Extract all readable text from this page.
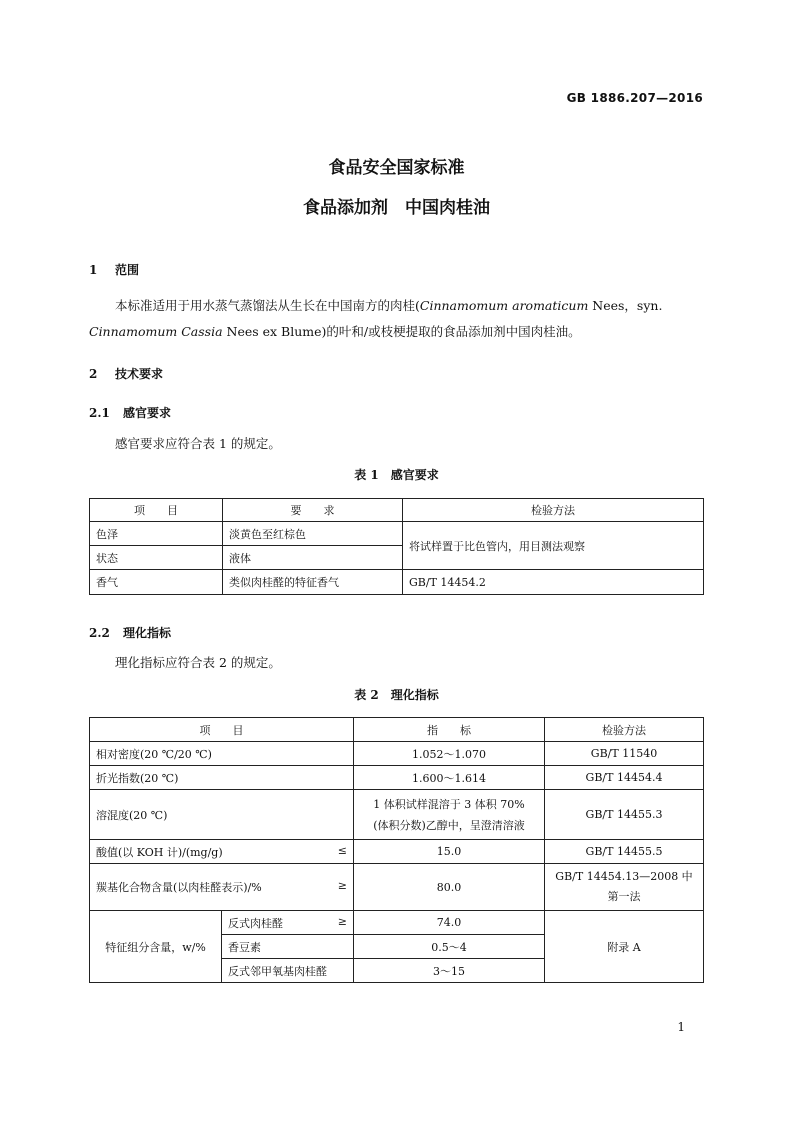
GB 1886.207—2016
食品安全国家标准
食品添加剂　中国肉桂油
1 范围
本标准适用于用水蒸气蒸馏法从生长在中国南方的肉桂(Cinnamomum aromaticum Nees，syn.
Cinnamomum Cassia Nees ex Blume)的叶和/或枝梗提取的食品添加剂中国肉桂油。
2 技术要求
2.1 感官要求
感官要求应符合表 1 的规定。
表 1　感官要求
项　　目	要　　求	检验方法
色泽	淡黄色至红棕色	将试样置于比色管内，用目测法观察
状态	液体	
香气	类似肉桂醛的特征香气	GB/T 14454.2
2.2 理化指标
理化指标应符合表 2 的规定。
表 2　理化指标
项　　目		指　　标	检验方法
相对密度(20 ℃/20 ℃)		1.052～1.070	GB/T 11540
折光指数(20 ℃)		1.600～1.614	GB/T 14454.4
溶混度(20 ℃)		1 体积试样混溶于 3 体积 70%
(体积分数)乙醇中，呈澄清溶液	GB/T 14455.3
酸值(以 KOH 计)/(mg/g) ≤		15.0	GB/T 14455.5
羰基化合物含量(以肉桂醛表示)/% ≥		80.0	GB/T 14454.13—2008 中
第一法
特征组分含量，w/%	反式肉桂醛 ≥	74.0	附录 A
	香豆素	0.5～4	
	反式邻甲氧基肉桂醛	3～15	
1
